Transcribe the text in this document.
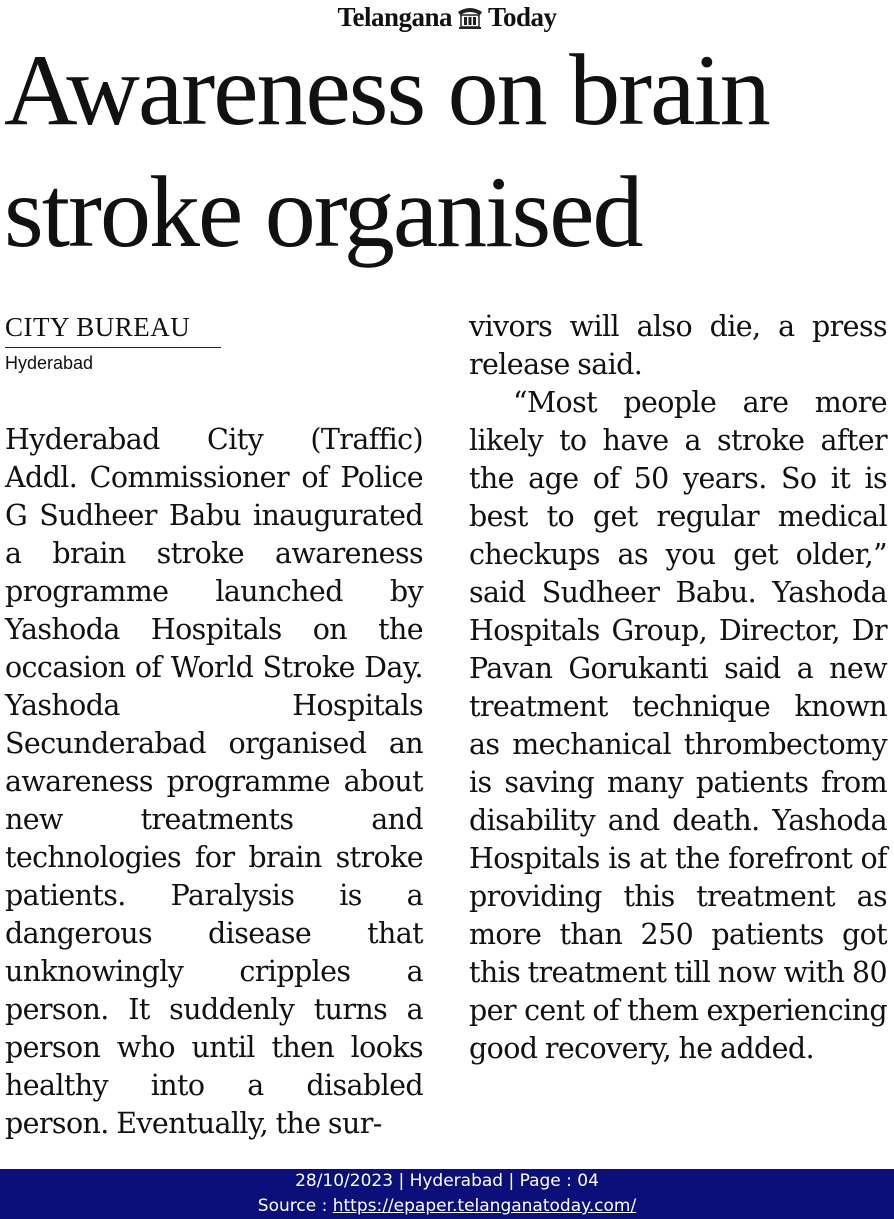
Telangana Today
Awareness on brain stroke organised
CITY BUREAU
Hyderabad

Hyderabad City (Traffic) Addl. Commissioner of Police G Sudheer Babu inaugurated a brain stroke awareness programme launched by Yashoda Hospitals on the occasion of World Stroke Day. Yashoda Hospitals Secunderabad organised an awareness programme about new treatments and technologies for brain stroke patients. Paralysis is a dangerous disease that unknowingly cripples a person. It suddenly turns a person who until then looks healthy into a disabled person. Eventually, the sur-

vivors will also die, a press release said.

“Most people are more likely to have a stroke after the age of 50 years. So it is best to get regular medical checkups as you get older,” said Sudheer Babu. Yashoda Hospitals Group, Director, Dr Pavan Gorukanti said a new treatment technique known as mechanical thrombectomy is saving many patients from disability and death. Yashoda Hospitals is at the forefront of providing this treatment as more than 250 patients got this treatment till now with 80 per cent of them experiencing good recovery, he added.

28/10/2023 | Hyderabad | Page : 04
Source : https://epaper.telanganatoday.com/
